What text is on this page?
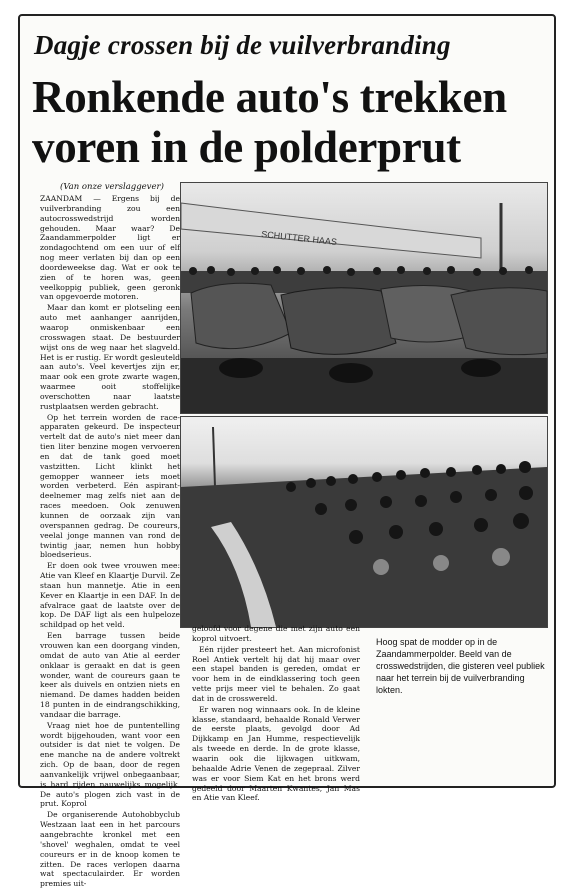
Dagje crossen bij de vuilverbranding
Ronkende auto's trekken voren in de polderprut
(Van onze verslaggever)

ZAANDAM — Ergens bij de vuilverbranding zou een autocrosswedstrijd worden gehouden. Maar waar? De Zaandammerpolder ligt er zondagochtend om een uur of elf nog meer verlaten bij dan op een doordeweekse dag. Wat er ook te zien of te horen was, geen veelkoppig publiek, geen geronk van opgevoerde motoren.

Maar dan komt er plotseling een auto met aanhanger aanrijden, waarop onmiskenbaar een crosswagen staat. De bestuurder wijst ons de weg naar het slagveld. Het is er rustig. Er wordt gesleuteld aan auto's. Veel kevertjes zijn er, maar ook een grote zwarte wagen, waarmee ooit stoffelijke overschotten naar laatste rustplaatsen werden gebracht.

Op het terrein worden de race-apparaten gekeurd. De inspecteur vertelt dat de auto's niet meer dan tien liter benzine mogen vervoeren en dat de tank goed moet vastzitten. Licht klinkt het gemopper wanneer iets moet worden verbeterd. Eén aspirant-deelnemer mag zelfs niet aan de races meedoen. Ook zenuwen kunnen de oorzaak zijn van overspannen gedrag. De coureurs, veelal jonge mannen van rond de twintig jaar, nemen hun hobby bloedserieus.

Er doen ook twee vrouwen mee: Atie van Kleef en Klaartje Durvil. Ze staan hun mannetje. Atie in een Kever en Klaartje in een DAF. In de afvalrace gaat de laatste over de kop. De DAF ligt als een hulpeloze schildpad op het veld.

Een barrage tussen beide vrouwen kan een doorgang vinden, omdat de auto van Atie al eerder onklaar is geraakt en dat is geen wonder, want de coureurs gaan te keer als duivels en ontzien niets en niemand. De dames hadden beiden 18 punten in de eindrangschikking, vandaar die barrage.

Vraag niet hoe de puntentelling wordt bijgehouden, want voor een outsider is dat niet te volgen. De ene manche na de andere voltrekt zich. Op de baan, door de regen aanvankelijk vrijwel onbegaanbaar, is hard rijden nauwelijks mogelijk. De auto's plogen zich vast in de prut. Koprol

De organiserende Autohobbyclub Westzaan laat een in het parcours aangebrachte kronkel met een 'shovel' weghalen, omdat te veel coureurs er in de knoop komen te zitten. De races verlopen daarna wat spectaculairder. Er worden premies uit-

SCHUTTER HAAS

geloofd voor degene die met zijn auto een koprol uitvoert.

Eén rijder presteert het. Aan microfonist Roel Antiek vertelt hij dat hij maar over een stapel banden is gereden, omdat er voor hem in de eindklassering toch geen vette prijs meer viel te behalen. Zo gaat dat in de crosswereld.

Er waren nog winnaars ook. In de kleine klasse, standaard, behaalde Ronald Verwer de eerste plaats, gevolgd door Ad Dijkkamp en Jan Humme, respectievelijk als tweede en derde. In de grote klasse, waarin ook die lijkwagen uitkwam, behaalde Adrie Venen de zegepraal. Zilver was er voor Siem Kat en het brons werd gedeeld door Maarten Kwantes, Jan Mas en Atie van Kleef.

Hoog spat de modder op in de Zaandammerpolder. Beeld van de crosswedstrijden, die gisteren veel publiek naar het terrein bij de vuilverbranding lokten.
